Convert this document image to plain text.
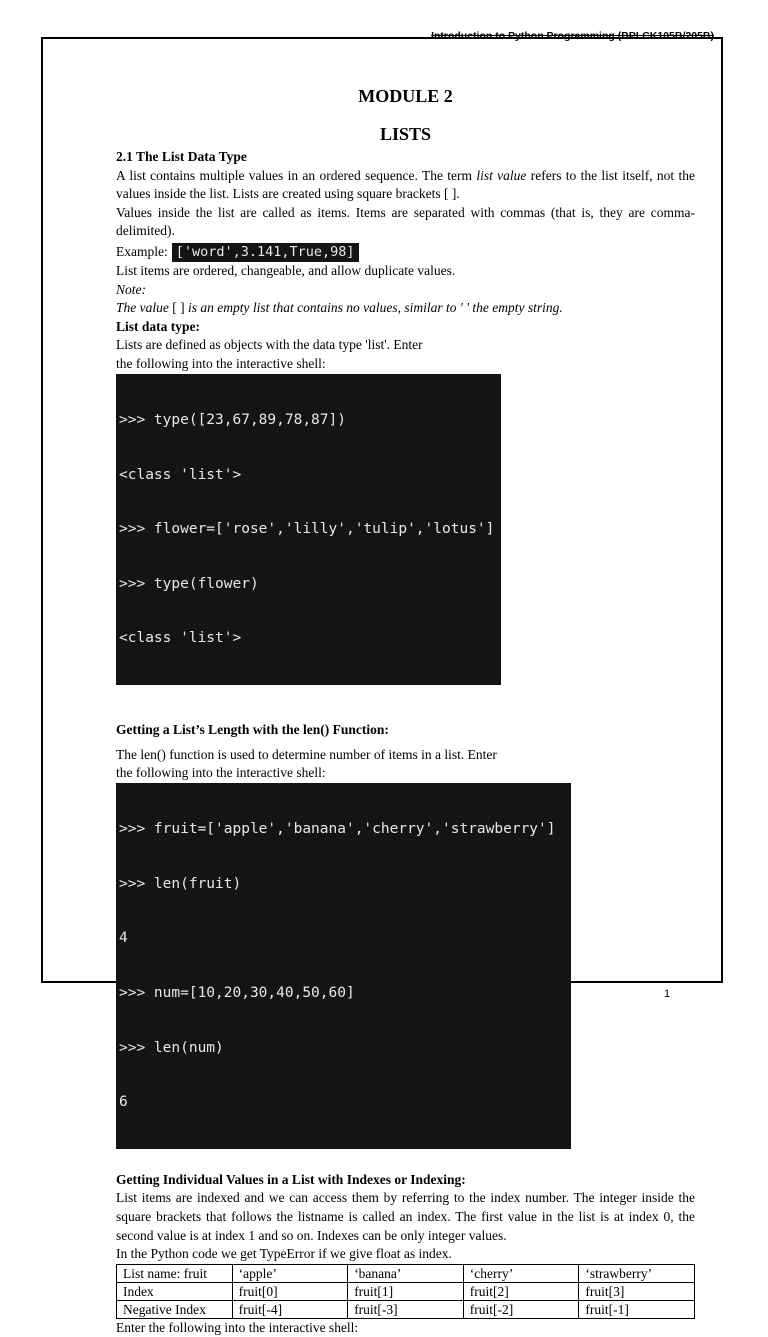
Introduction to Python Programming (BPLCK105B/205B)
MODULE 2
LISTS
2.1 The List Data Type

A list contains multiple values in an ordered sequence. The term list value refers to the list itself, not the values inside the list. Lists are created using square brackets [ ].

Values inside the list are called as items. Items are separated with commas (that is, they are comma-delimited).

Example: ['word',3.141,True,98]

List items are ordered, changeable, and allow duplicate values.

Note:

The value [ ] is an empty list that contains no values, similar to ' ' the empty string.

List data type:

Lists are defined as objects with the data type 'list'. Enter

the following into the interactive shell:

>>> type([23,67,89,78,87])

<class 'list'>

>>> flower=['rose','lilly','tulip','lotus']

>>> type(flower)

<class 'list'>

Getting a List’s Length with the len() Function:

The len() function is used to determine number of items in a list. Enter

the following into the interactive shell:

>>> fruit=['apple','banana','cherry','strawberry']

>>> len(fruit)

4

>>> num=[10,20,30,40,50,60]

>>> len(num)

6

Getting Individual Values in a List with Indexes or Indexing:

List items are indexed and we can access them by referring to the index number. The integer inside the square brackets that follows the listname is called an index. The first value in the list is at index 0, the second value is at index 1 and so on. Indexes can be only integer values.

In the Python code we get TypeError if we give float as index.

List name: fruit	‘apple’	‘banana’	‘cherry’	‘strawberry’
Index	fruit[0]	fruit[1]	fruit[2]	fruit[3]
Negative Index	fruit[-4]	fruit[-3]	fruit[-2]	fruit[-1]

Enter the following into the interactive shell:

1
